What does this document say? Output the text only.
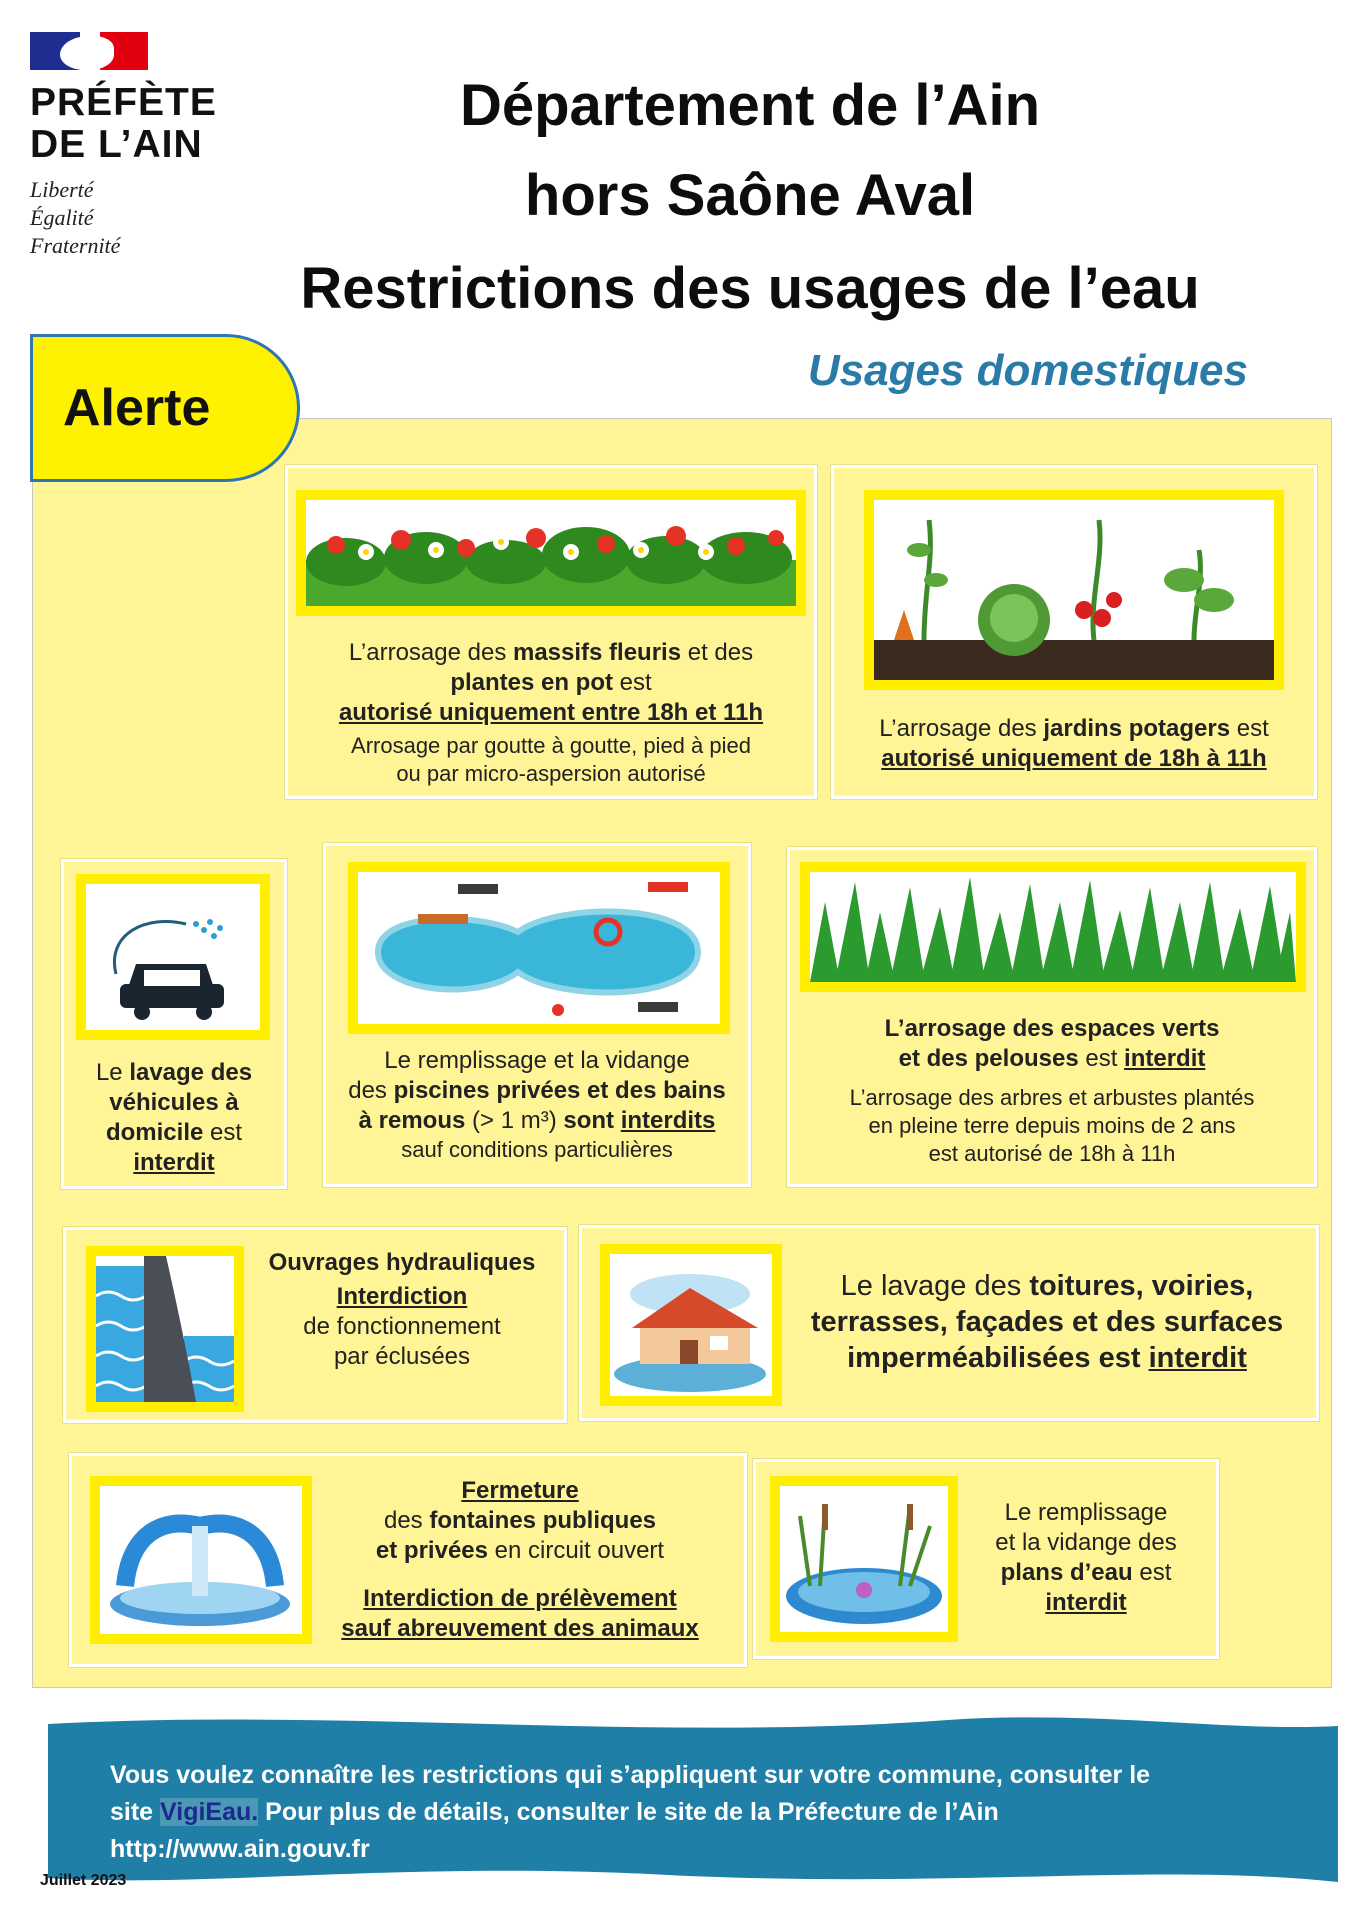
PRÉFÈTE
DE L’AIN
Liberté
Égalité
Fraternité
Département de l’Ain
hors Saône Aval
Restrictions des usages de l’eau
Usages domestiques
Alerte
L’arrosage des massifs fleuris et des
plantes en pot est
autorisé uniquement entre 18h et 11h
Arrosage par goutte à goutte, pied à pied
ou par micro-aspersion autorisé
L’arrosage des jardins potagers est
autorisé uniquement de 18h à 11h
Le lavage des
véhicules à
domicile est
interdit
Le remplissage et la vidange
des piscines privées et des bains
à remous (> 1 m³) sont interdits
sauf conditions particulières
L’arrosage des espaces verts
et des pelouses est interdit
L’arrosage des arbres et arbustes plantés
en pleine terre depuis moins de 2 ans
est autorisé de 18h à 11h
Ouvrages hydrauliques
Interdiction
de fonctionnement
par éclusées
Le lavage des toitures, voiries,
terrasses, façades et des surfaces
imperméabilisées est interdit
Fermeture
des fontaines publiques
et privées en circuit ouvert
Interdiction de prélèvement
sauf abreuvement des animaux
Le remplissage
et la vidange des
plans d’eau est
interdit
Vous voulez connaître les restrictions qui s’appliquent sur votre commune, consulter le
site VigiEau. Pour plus de détails, consulter le site de la Préfecture de l’Ain
http://www.ain.gouv.fr
Juillet 2023
